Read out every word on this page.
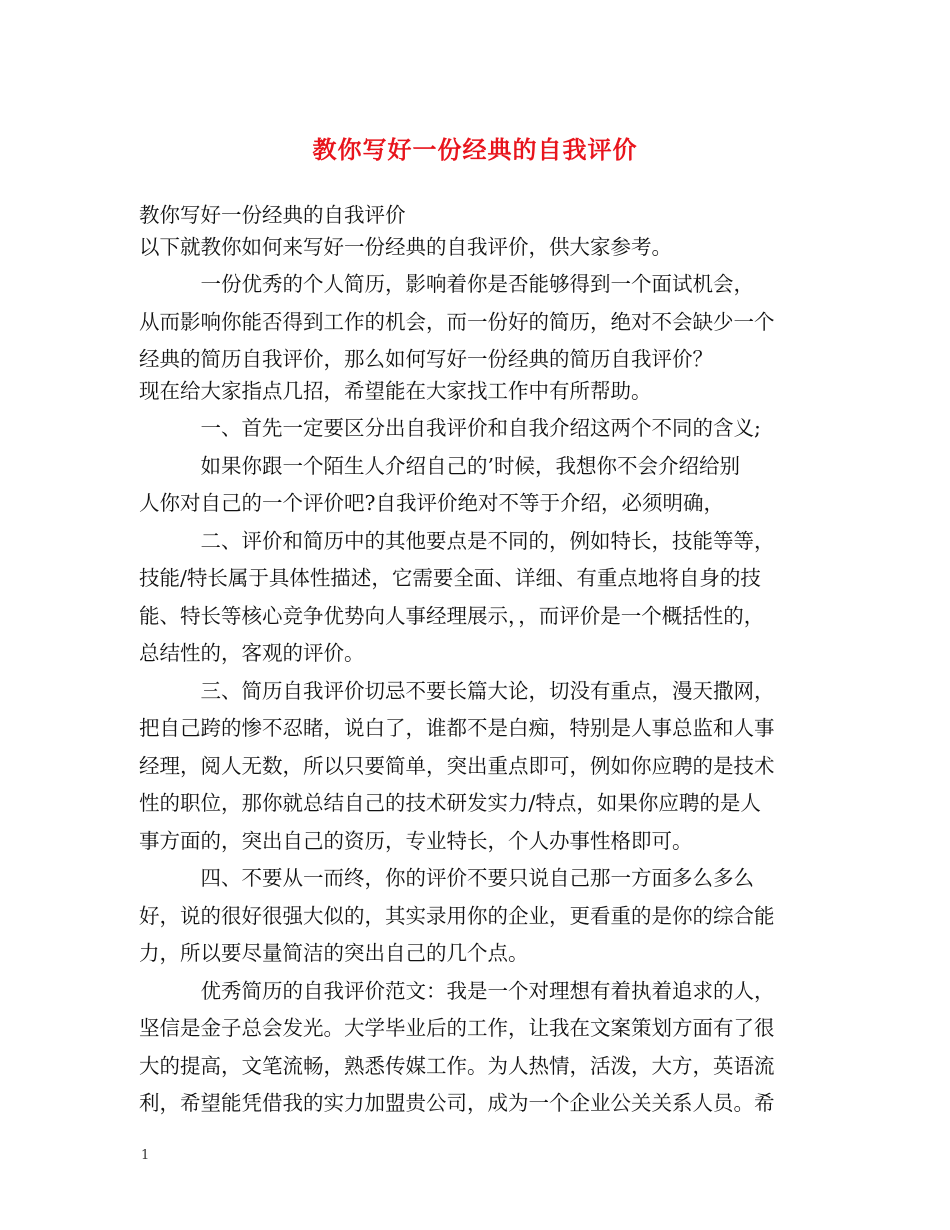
教你写好一份经典的自我评价

教你写好一份经典的自我评价

以下就教你如何来写好一份经典的自我评价，供大家参考。

　　　一份优秀的个人简历，影响着你是否能够得到一个面试机会，

从而影响你能否得到工作的机会，而一份好的简历，绝对不会缺少一个

经典的简历自我评价，那么如何写好一份经典的简历自我评价？

现在给大家指点几招，希望能在大家找工作中有所帮助。

　　　一、首先一定要区分出自我评价和自我介绍这两个不同的含义;

　　　如果你跟一个陌生人介绍自己的’时候，我想你不会介绍给别

人你对自己的一个评价吧?自我评价绝对不等于介绍，必须明确，

　　　二、评价和简历中的其他要点是不同的，例如特长，技能等等，

技能/特长属于具体性描述，它需要全面、详细、有重点地将自身的技

能、特长等核心竞争优势向人事经理展示，，而评价是一个概括性的，

总结性的，客观的评价。

　　　三、简历自我评价切忌不要长篇大论，切没有重点，漫天撒网，

把自己跨的惨不忍睹，说白了，谁都不是白痴，特别是人事总监和人事

经理，阅人无数，所以只要简单，突出重点即可，例如你应聘的是技术

性的职位，那你就总结自己的技术研发实力/特点，如果你应聘的是人

事方面的，突出自己的资历，专业特长，个人办事性格即可。

　　　四、不要从一而终，你的评价不要只说自己那一方面多么多么

好，说的很好很强大似的，其实录用你的企业，更看重的是你的综合能

力，所以要尽量简洁的突出自己的几个点。

　　　优秀简历的自我评价范文：我是一个对理想有着执着追求的人，

坚信是金子总会发光。大学毕业后的工作，让我在文案策划方面有了很

大的提高，文笔流畅，熟悉传媒工作。为人热情，活泼，大方，英语流

利，希望能凭借我的实力加盟贵公司，成为一个企业公关关系人员。希

1
